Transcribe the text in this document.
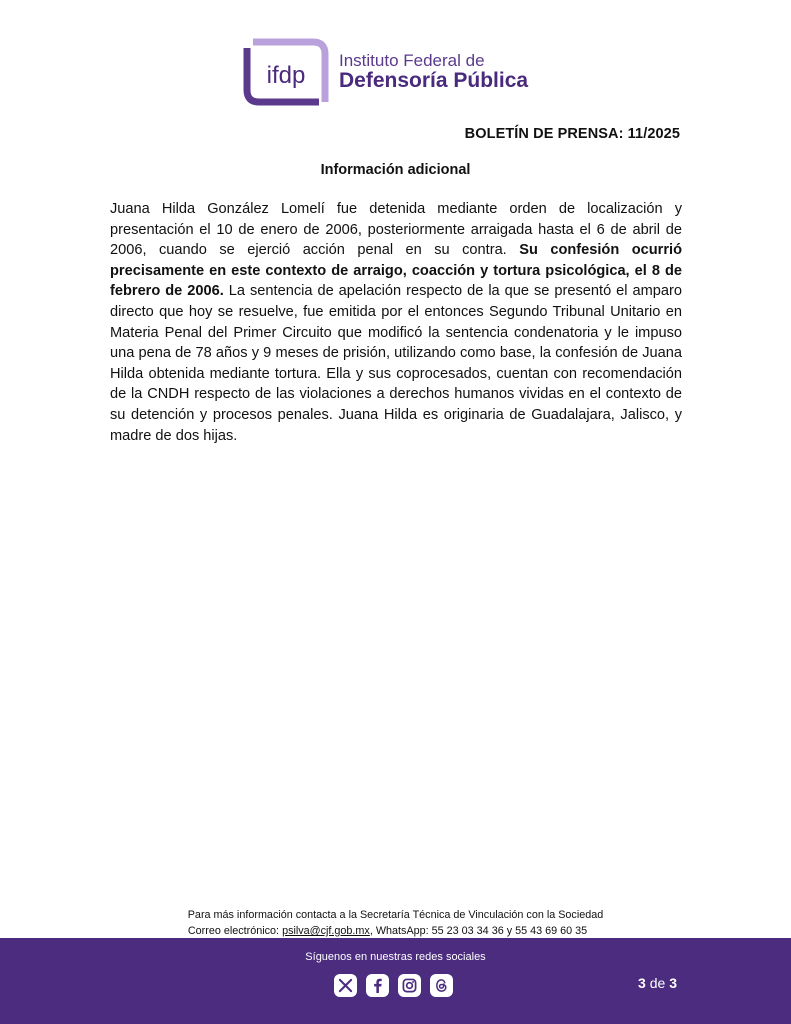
ifdp
Instituto Federal de
Defensoría Pública
BOLETÍN DE PRENSA: 11/2025
Información adicional
Juana Hilda González Lomelí fue detenida mediante orden de localización y presentación el 10 de enero de 2006, posteriormente arraigada hasta el 6 de abril de 2006, cuando se ejerció acción penal en su contra. Su confesión ocurrió precisamente en este contexto de arraigo, coacción y tortura psicológica, el 8 de febrero de 2006. La sentencia de apelación respecto de la que se presentó el amparo directo que hoy se resuelve, fue emitida por el entonces Segundo Tribunal Unitario en Materia Penal del Primer Circuito que modificó la sentencia condenatoria y le impuso una pena de 78 años y 9 meses de prisión, utilizando como base, la confesión de Juana Hilda obtenida mediante tortura. Ella y sus coprocesados, cuentan con recomendación de la CNDH respecto de las violaciones a derechos humanos vividas en el contexto de su detención y procesos penales. Juana Hilda es originaria de Guadalajara, Jalisco, y madre de dos hijas.
Para más información contacta a la Secretaría Técnica de Vinculación con la Sociedad

Correo electrónico: psilva@cjf.gob.mx, WhatsApp: 55 23 03 34 36 y 55 43 69 60 35
Síguenos en nuestras redes sociales
3 de 3
